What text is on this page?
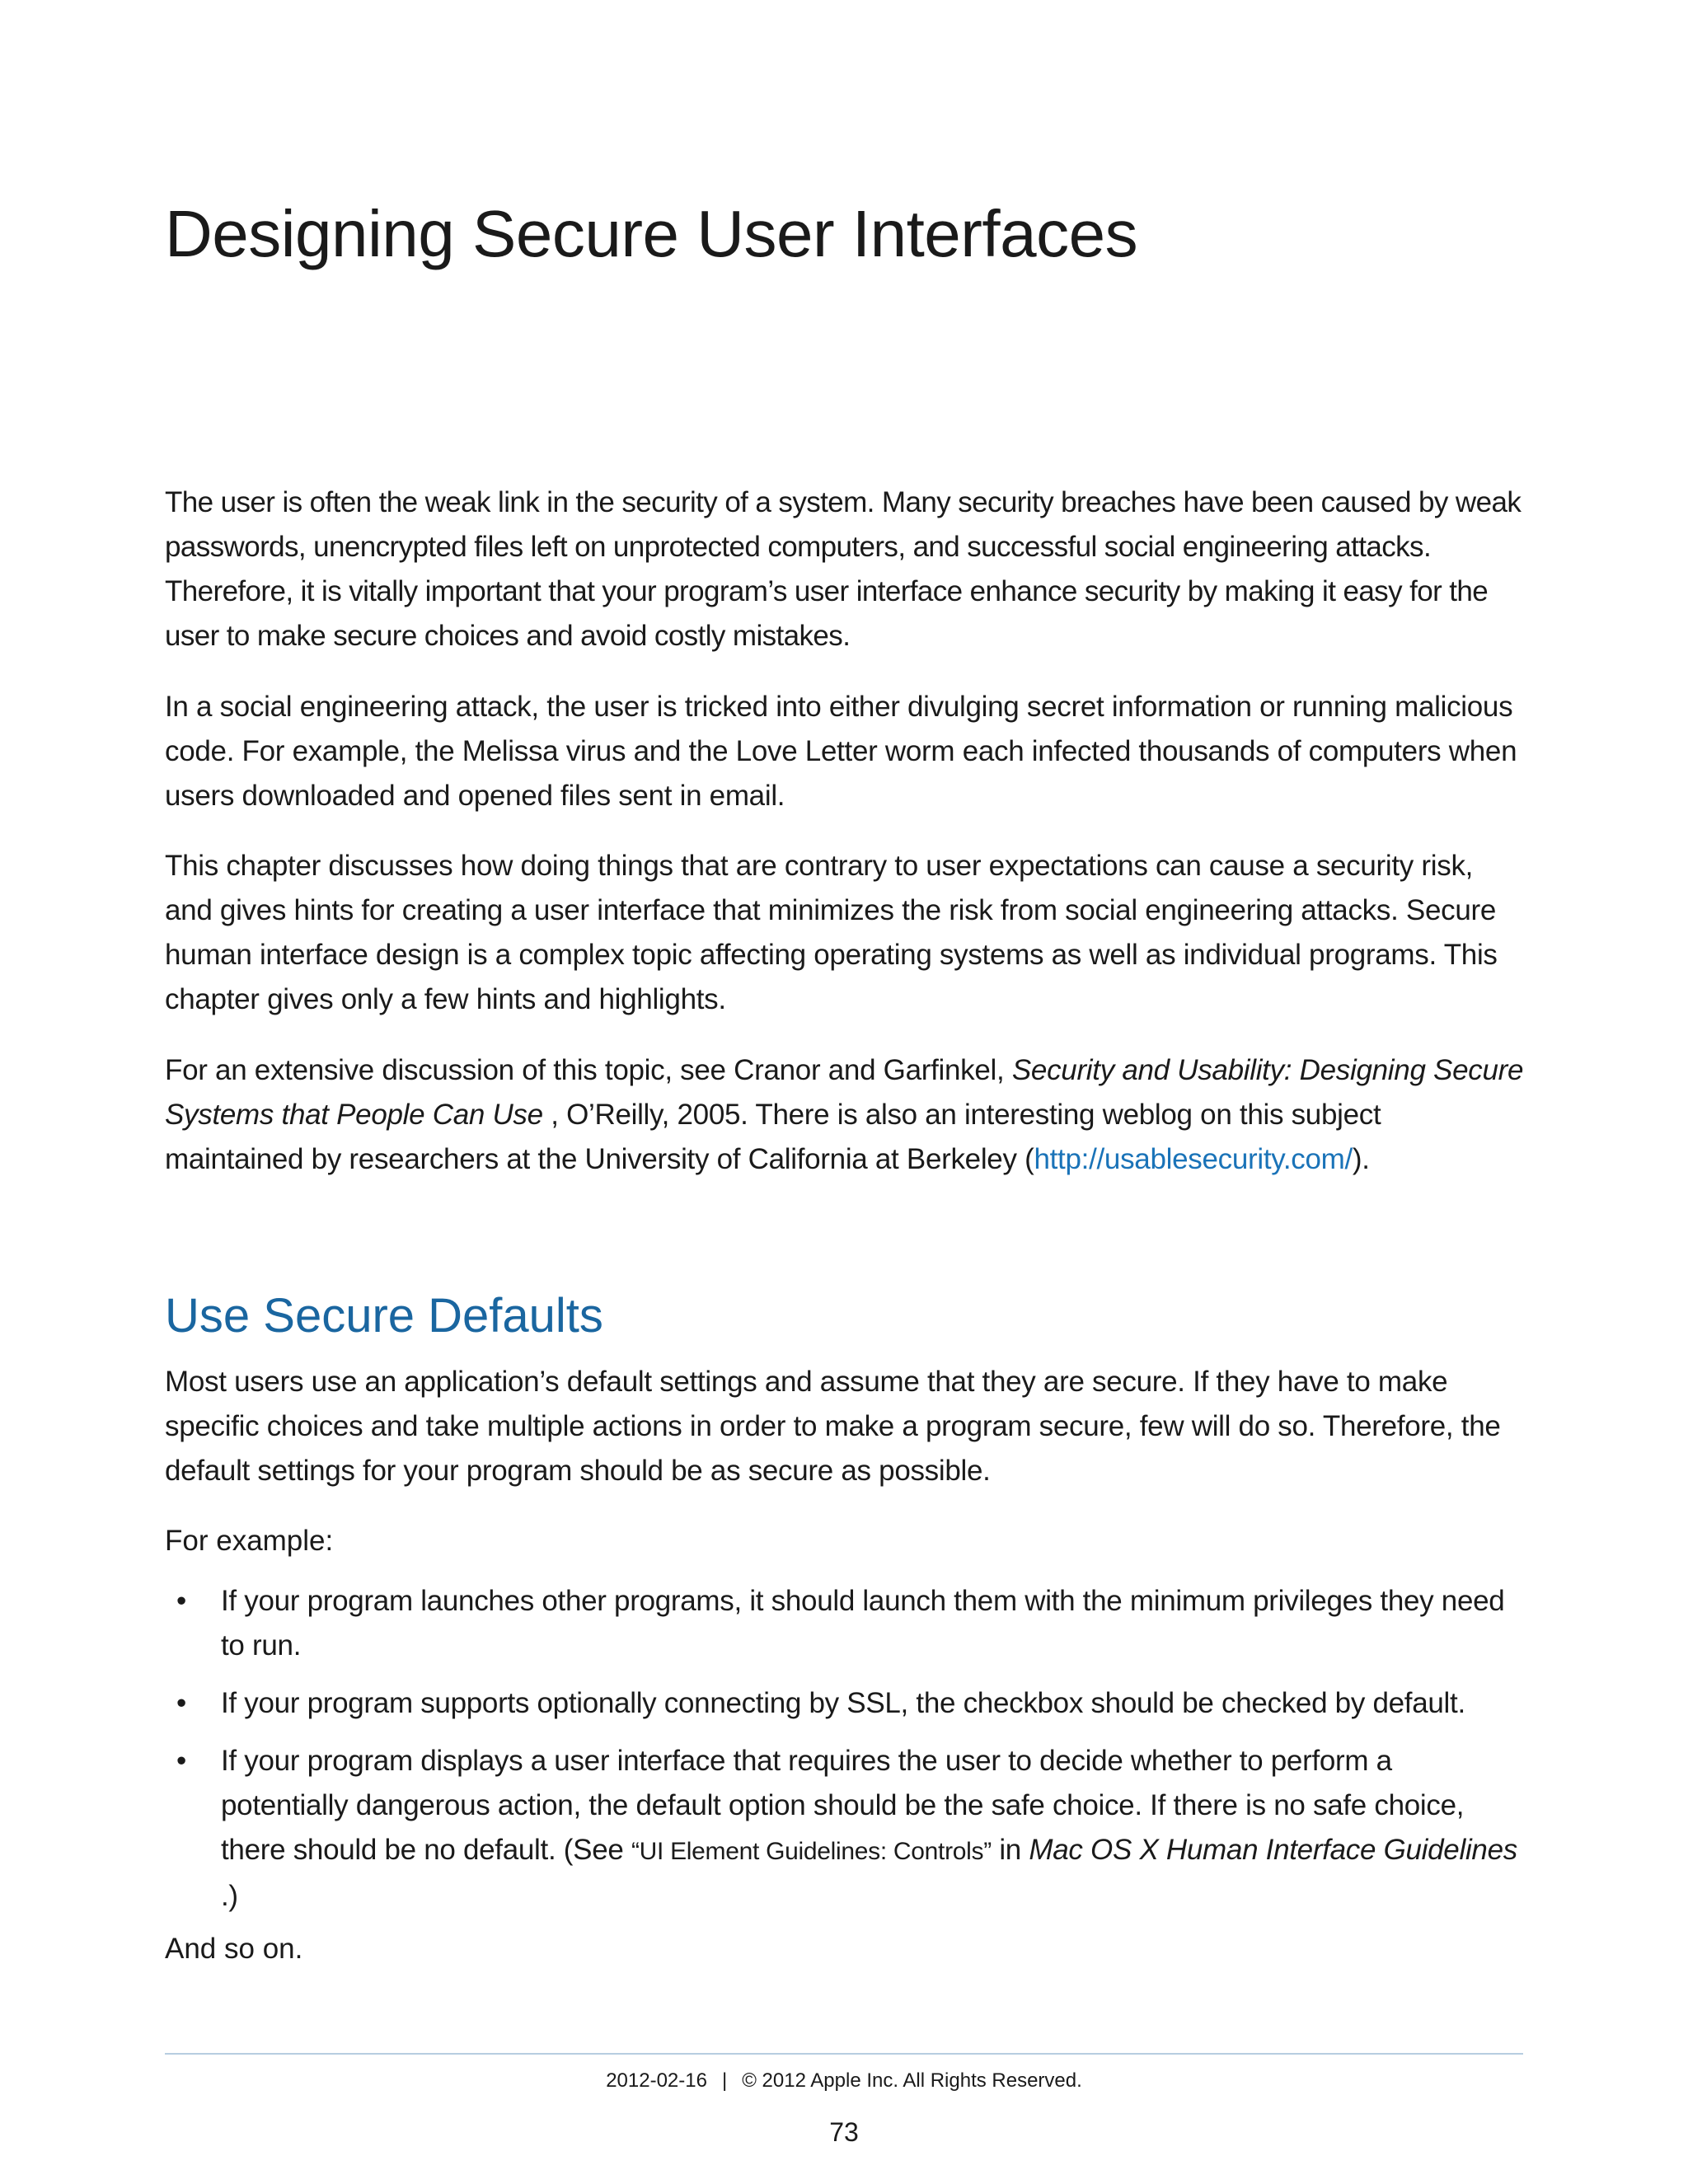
Designing Secure User Interfaces

The user is often the weak link in the security of a system. Many security breaches have been caused by weak passwords, unencrypted files left on unprotected computers, and successful social engineering attacks. Therefore, it is vitally important that your program’s user interface enhance security by making it easy for the user to make secure choices and avoid costly mistakes.

In a social engineering attack, the user is tricked into either divulging secret information or running malicious code. For example, the Melissa virus and the Love Letter worm each infected thousands of computers when users downloaded and opened files sent in email.

This chapter discusses how doing things that are contrary to user expectations can cause a security risk, and gives hints for creating a user interface that minimizes the risk from social engineering attacks. Secure human interface design is a complex topic affecting operating systems as well as individual programs. This chapter gives only a few hints and highlights.

For an extensive discussion of this topic, see Cranor and Garfinkel, Security and Usability: Designing Secure Systems that People Can Use , O’Reilly, 2005. There is also an interesting weblog on this subject maintained by researchers at the University of California at Berkeley (http://usablesecurity.com/).

Use Secure Defaults

Most users use an application’s default settings and assume that they are secure. If they have to make specific choices and take multiple actions in order to make a program secure, few will do so. Therefore, the default settings for your program should be as secure as possible.

For example:

• If your program launches other programs, it should launch them with the minimum privileges they need to run.
• If your program supports optionally connecting by SSL, the checkbox should be checked by default.
• If your program displays a user interface that requires the user to decide whether to perform a potentially dangerous action, the default option should be the safe choice. If there is no safe choice, there should be no default. (See “UI Element Guidelines: Controls” in Mac OS X Human Interface Guidelines .)

And so on.

2012-02-16 | © 2012 Apple Inc. All Rights Reserved.
73
